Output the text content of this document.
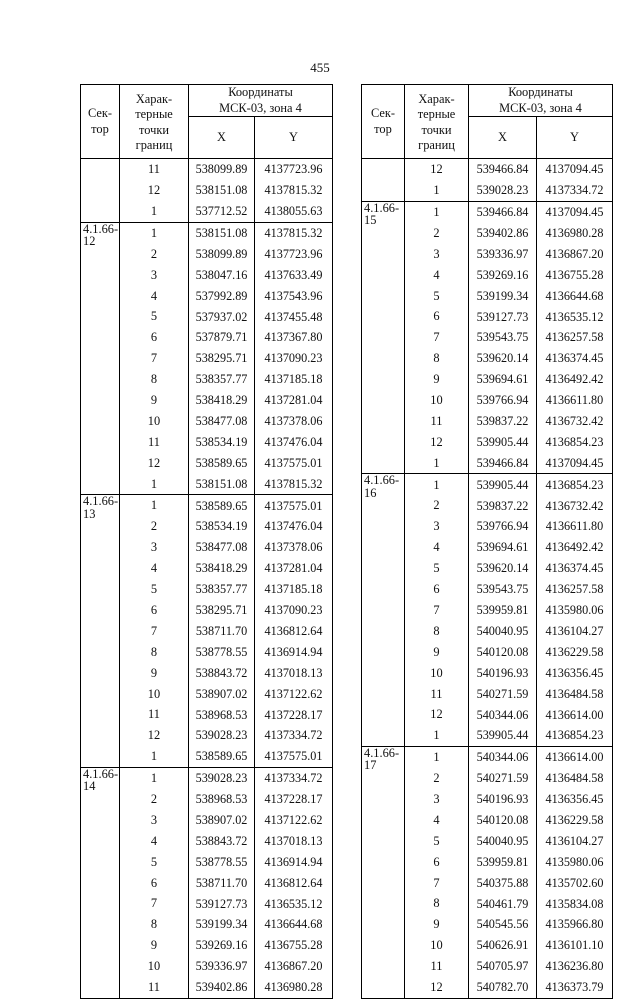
455
Сек-
тор	Харак-
терные
точки
границ	Координаты
МСК-03, зона 4	
		X	Y
	11	538099.89	4137723.96
	12	538151.08	4137815.32
	1	537712.52	4138055.63
4.1.66-
12	1	538151.08	4137815.32
	2	538099.89	4137723.96
	3	538047.16	4137633.49
	4	537992.89	4137543.96
	5	537937.02	4137455.48
	6	537879.71	4137367.80
	7	538295.71	4137090.23
	8	538357.77	4137185.18
	9	538418.29	4137281.04
	10	538477.08	4137378.06
	11	538534.19	4137476.04
	12	538589.65	4137575.01
	1	538151.08	4137815.32
4.1.66-
13	1	538589.65	4137575.01
	2	538534.19	4137476.04
	3	538477.08	4137378.06
	4	538418.29	4137281.04
	5	538357.77	4137185.18
	6	538295.71	4137090.23
	7	538711.70	4136812.64
	8	538778.55	4136914.94
	9	538843.72	4137018.13
	10	538907.02	4137122.62
	11	538968.53	4137228.17
	12	539028.23	4137334.72
	1	538589.65	4137575.01
4.1.66-
14	1	539028.23	4137334.72
	2	538968.53	4137228.17
	3	538907.02	4137122.62
	4	538843.72	4137018.13
	5	538778.55	4136914.94
	6	538711.70	4136812.64
	7	539127.73	4136535.12
	8	539199.34	4136644.68
	9	539269.16	4136755.28
	10	539336.97	4136867.20
	11	539402.86	4136980.28
Сек-
тор	Харак-
терные
точки
границ	Координаты
МСК-03, зона 4	
		X	Y
	12	539466.84	4137094.45
	1	539028.23	4137334.72
4.1.66-
15	1	539466.84	4137094.45
	2	539402.86	4136980.28
	3	539336.97	4136867.20
	4	539269.16	4136755.28
	5	539199.34	4136644.68
	6	539127.73	4136535.12
	7	539543.75	4136257.58
	8	539620.14	4136374.45
	9	539694.61	4136492.42
	10	539766.94	4136611.80
	11	539837.22	4136732.42
	12	539905.44	4136854.23
	1	539466.84	4137094.45
4.1.66-
16	1	539905.44	4136854.23
	2	539837.22	4136732.42
	3	539766.94	4136611.80
	4	539694.61	4136492.42
	5	539620.14	4136374.45
	6	539543.75	4136257.58
	7	539959.81	4135980.06
	8	540040.95	4136104.27
	9	540120.08	4136229.58
	10	540196.93	4136356.45
	11	540271.59	4136484.58
	12	540344.06	4136614.00
	1	539905.44	4136854.23
4.1.66-
17	1	540344.06	4136614.00
	2	540271.59	4136484.58
	3	540196.93	4136356.45
	4	540120.08	4136229.58
	5	540040.95	4136104.27
	6	539959.81	4135980.06
	7	540375.88	4135702.60
	8	540461.79	4135834.08
	9	540545.56	4135966.80
	10	540626.91	4136101.10
	11	540705.97	4136236.80
	12	540782.70	4136373.79
